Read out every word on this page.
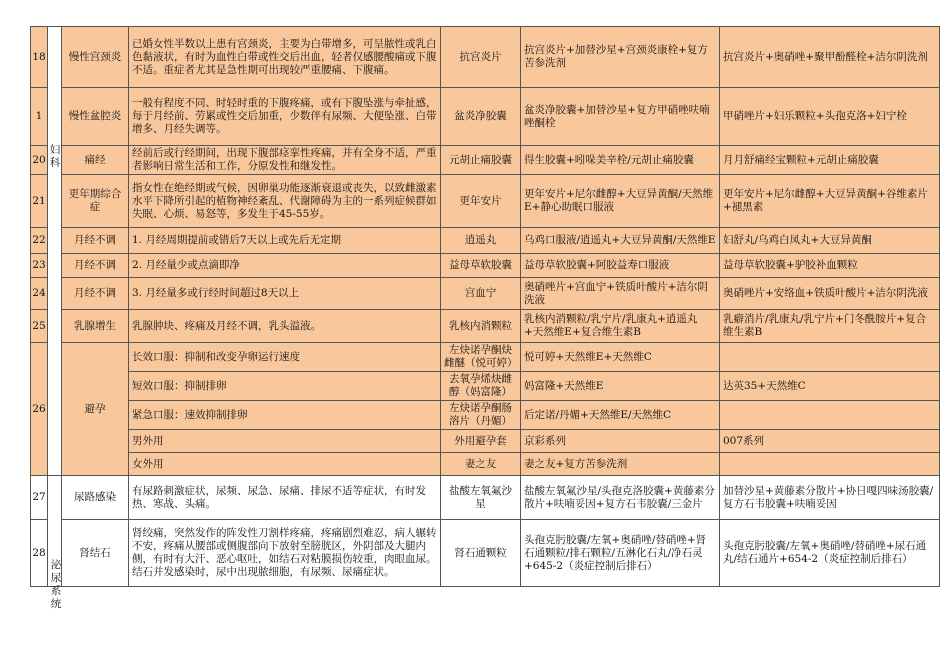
18		慢性宫颈炎	已婚女性半数以上患有宫颈炎，主要为白带增多，可呈脓性或乳白色黏液状，有时为血性白带或性交后出血，轻者仅感腰酸痛或下腹不适。重症者尤其是急性期可出现较严重腰痛、下腹痛。	抗宫炎片	抗宫炎片+加替沙星+宫颈炎康栓+复方苦参洗剂	抗宫炎片+奥硝唑+聚甲酚醛栓+洁尔阴洗剂
1		慢性盆腔炎	一般有程度不同、时轻时重的下腹疼痛，或有下腹坠涨与牵扯感，每于月经前、劳累或性交后加重，少数伴有尿频、大便坠涨、白带增多、月经失调等。	盆炎净胶囊	盆炎净胶囊+加替沙星+复方甲硝唑呋喃唑酮栓	甲硝唑片+妇乐颗粒+头孢克洛+妇宁栓
20		痛经	经前后或行经期间，出现下腹部痉挛性疼痛，并有全身不适，严重者影响日常生活和工作，分原发性和继发性。	元胡止痛胶囊	得生胶囊+吲哚美辛栓/元胡止痛胶囊	月月舒痛经宝颗粒+元胡止痛胶囊
21		更年期综合症	指女性在绝经期或气候，因卵巢功能逐渐衰退或丧失，以致雌激素水平下降所引起的植物神经紊乱、代谢障碍为主的一系列症候群如失眠、心烦、易怒等，多发生于45-55岁。	更年安片	更年安片+尼尔雌醇+大豆异黄酮/天然维E+静心助眠口服液	更年安片+尼尔雌醇+大豆异黄酮+谷维素片+褪黑素
22		月经不调	1. 月经周期提前或错后7天以上或先后无定期	逍遥丸	乌鸡口服液/逍遥丸+大豆异黄酮/天然维E	妇舒丸/乌鸡白凤丸+大豆异黄酮
23		月经不调	2. 月经量少或点滴即净	益母草软胶囊	益母草软胶囊+阿胶益寿口服液	益母草软胶囊+驴胶补血颗粒
24		月经不调	3. 月经量多或行经时间超过8天以上	宫血宁	奥硝唑片+宫血宁+铁质叶酸片+洁尔阴洗液	奥硝唑片+安络血+铁质叶酸片+洁尔阴洗液
25		乳腺增生	乳腺肿块、疼痛及月经不调，乳头溢液。	乳核内消颗粒	乳核内消颗粒/乳宁片/乳康丸+逍遥丸+天然维E+复合维生素B	乳癖消片/乳康丸/乳宁片+门冬酰胺片+复合维生素B
26		避孕	长效口服：抑制和改变孕卵运行速度	左炔诺孕酮炔雌醚（悦可婷）	悦可婷+天然维E+天然维C	
			短效口服：抑制排卵	去氧孕烯炔雌醇（妈富隆）	妈富隆+天然维E	达英35+天然维C
			紧急口服：速效抑制排卵	左炔诺孕酮肠溶片（丹媚）	后定诺/丹媚+天然维E/天然维C	
			男外用	外用避孕套	京彩系列	007系列
			女外用	妻之友	妻之友+复方苦参洗剂	
27		尿路感染	有尿路刺激症状，尿频、尿急、尿痛、排尿不适等症状，有时发热、寒战、头痛。	盐酸左氧氟沙星	盐酸左氧氟沙星/头孢克洛胶囊+黄藤素分散片+呋喃妥因+复方石韦胶囊/三金片	加替沙星+黄藤素分散片+协日嘎四味汤胶囊/复方石韦胶囊+呋喃妥因
28		肾结石	肾绞痛，突然发作的阵发性刀割样疼痛，疼痛剧烈难忍，病人辗转不安，疼痛从腰部或侧腹部向下放射至膀胱区，外阴部及大腿内侧，有时有大汗、恶心呕吐，如结石对粘膜损伤较重，肉眼血尿。结石并发感染时，尿中出现脓细胞，有尿频、尿痛症状。	肾石通颗粒	头孢克肟胶囊/左氧+奥硝唑/替硝唑+肾石通颗粒/排石颗粒/五淋化石丸/净石灵+645-2（炎症控制后排石）	头孢克肟胶囊/左氧+奥硝唑/替硝唑+尿石通丸/结石通片+654-2（炎症控制后排石）
妇科
泌尿系统
